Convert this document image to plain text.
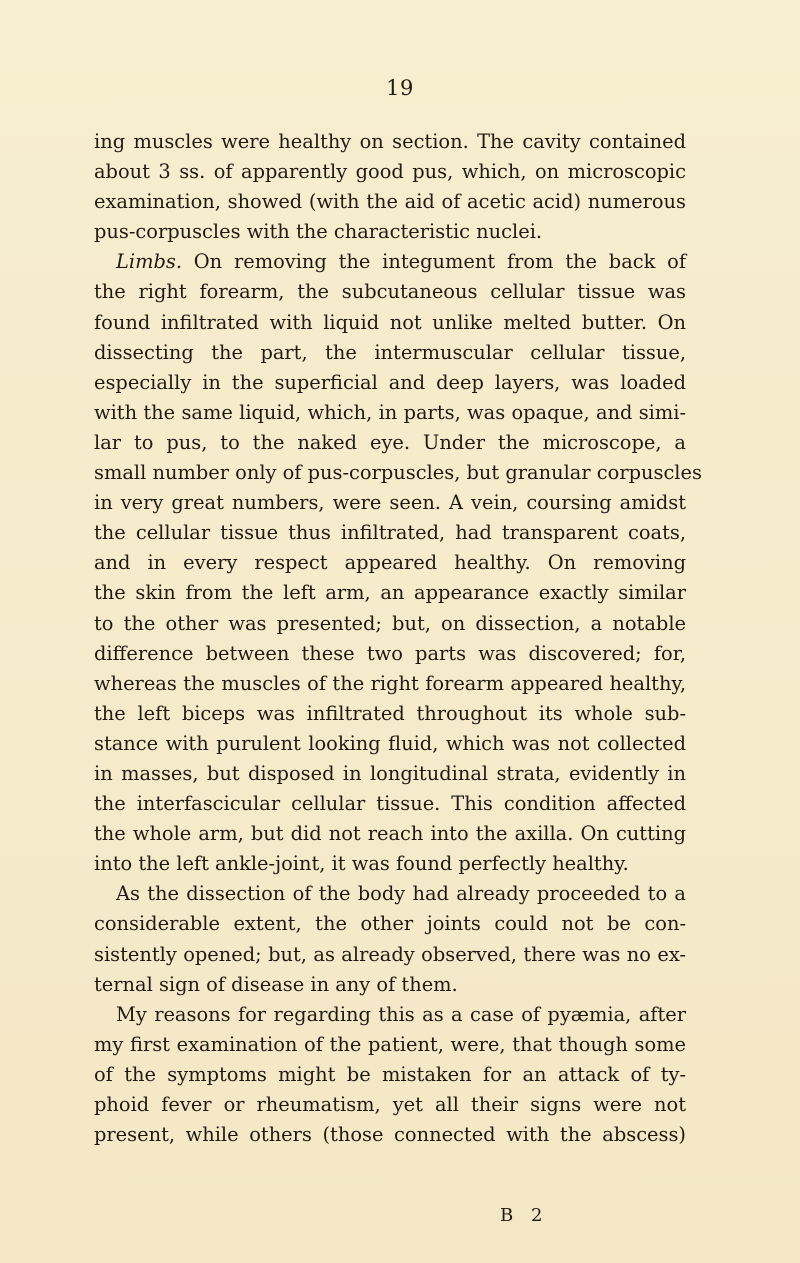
19

ing muscles were healthy on section. The cavity contained
about 3 ss. of apparently good pus, which, on microscopic
examination, showed (with the aid of acetic acid) numerous
pus-corpuscles with the characteristic nuclei.

Limbs. On removing the integument from the back of
the right forearm, the subcutaneous cellular tissue was
found infiltrated with liquid not unlike melted butter. On
dissecting the part, the intermuscular cellular tissue,
especially in the superficial and deep layers, was loaded
with the same liquid, which, in parts, was opaque, and simi-
lar to pus, to the naked eye. Under the microscope, a
small number only of pus-corpuscles, but granular corpuscles
in very great numbers, were seen. A vein, coursing amidst
the cellular tissue thus infiltrated, had transparent coats,
and in every respect appeared healthy. On removing
the skin from the left arm, an appearance exactly similar
to the other was presented; but, on dissection, a notable
difference between these two parts was discovered; for,
whereas the muscles of the right forearm appeared healthy,
the left biceps was infiltrated throughout its whole sub-
stance with purulent looking fluid, which was not collected
in masses, but disposed in longitudinal strata, evidently in
the interfascicular cellular tissue. This condition affected
the whole arm, but did not reach into the axilla. On cutting
into the left ankle-joint, it was found perfectly healthy.

As the dissection of the body had already proceeded to a
considerable extent, the other joints could not be con-
sistently opened; but, as already observed, there was no ex-
ternal sign of disease in any of them.

My reasons for regarding this as a case of pyæmia, after
my first examination of the patient, were, that though some
of the symptoms might be mistaken for an attack of ty-
phoid fever or rheumatism, yet all their signs were not
present, while others (those connected with the abscess)

B 2
